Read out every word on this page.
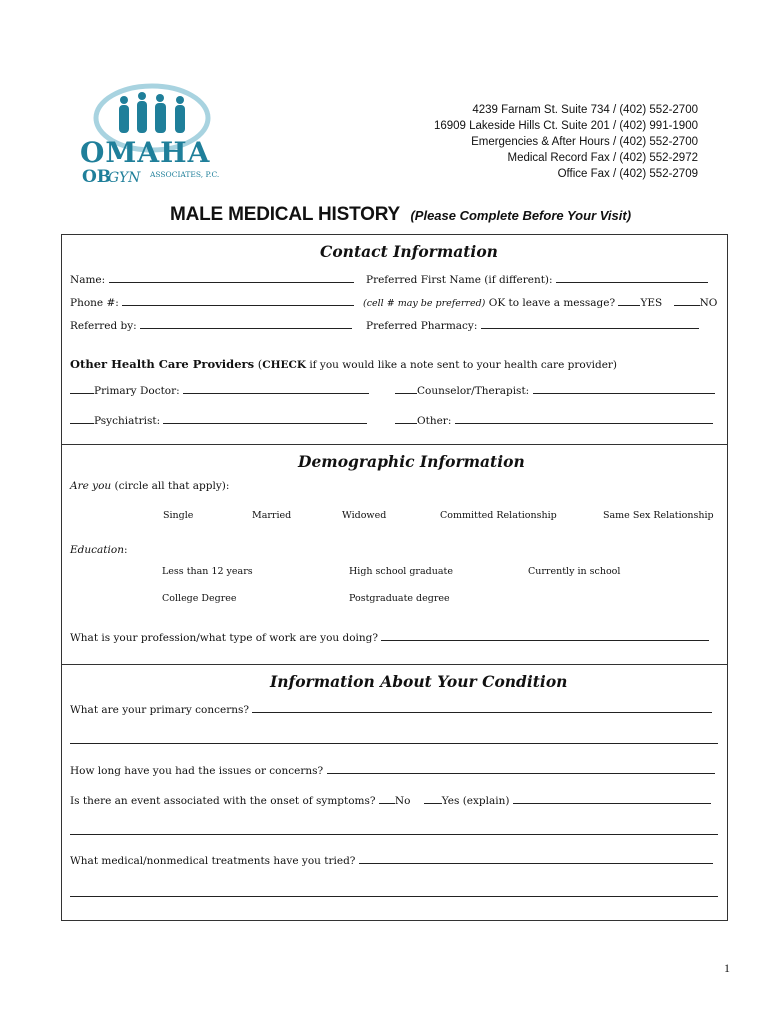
OMAHA
OB
GYN ASSOCIATES, P.C.
4239 Farnam St. Suite 734 / (402) 552-2700
16909 Lakeside Hills Ct. Suite 201 / (402) 991-1900
Emergencies & After Hours / (402) 552-2700
Medical Record Fax / (402) 552-2972
Office Fax / (402) 552-2709
MALE MEDICAL HISTORY (Please Complete Before Your Visit)
Contact Information
Name:	Preferred First Name (if different):
Phone #:	(cell # may be preferred) OK to leave a message? YES	NO
Referred by:	Preferred Pharmacy:
Other Health Care Providers (CHECK if you would like a note sent to your health care provider)
Primary Doctor:	Counselor/Therapist:
Psychiatrist:	Other:
Demographic Information
Are you (circle all that apply):
Single	Married	Widowed	Committed Relationship	Same Sex Relationship
Education:
Less than 12 years	High school graduate	Currently in school
College Degree	Postgraduate degree
What is your profession/what type of work are you doing?
Information About Your Condition
What are your primary concerns?
How long have you had the issues or concerns?
Is there an event associated with the onset of symptoms? No	Yes (explain)
What medical/nonmedical treatments have you tried?
1
